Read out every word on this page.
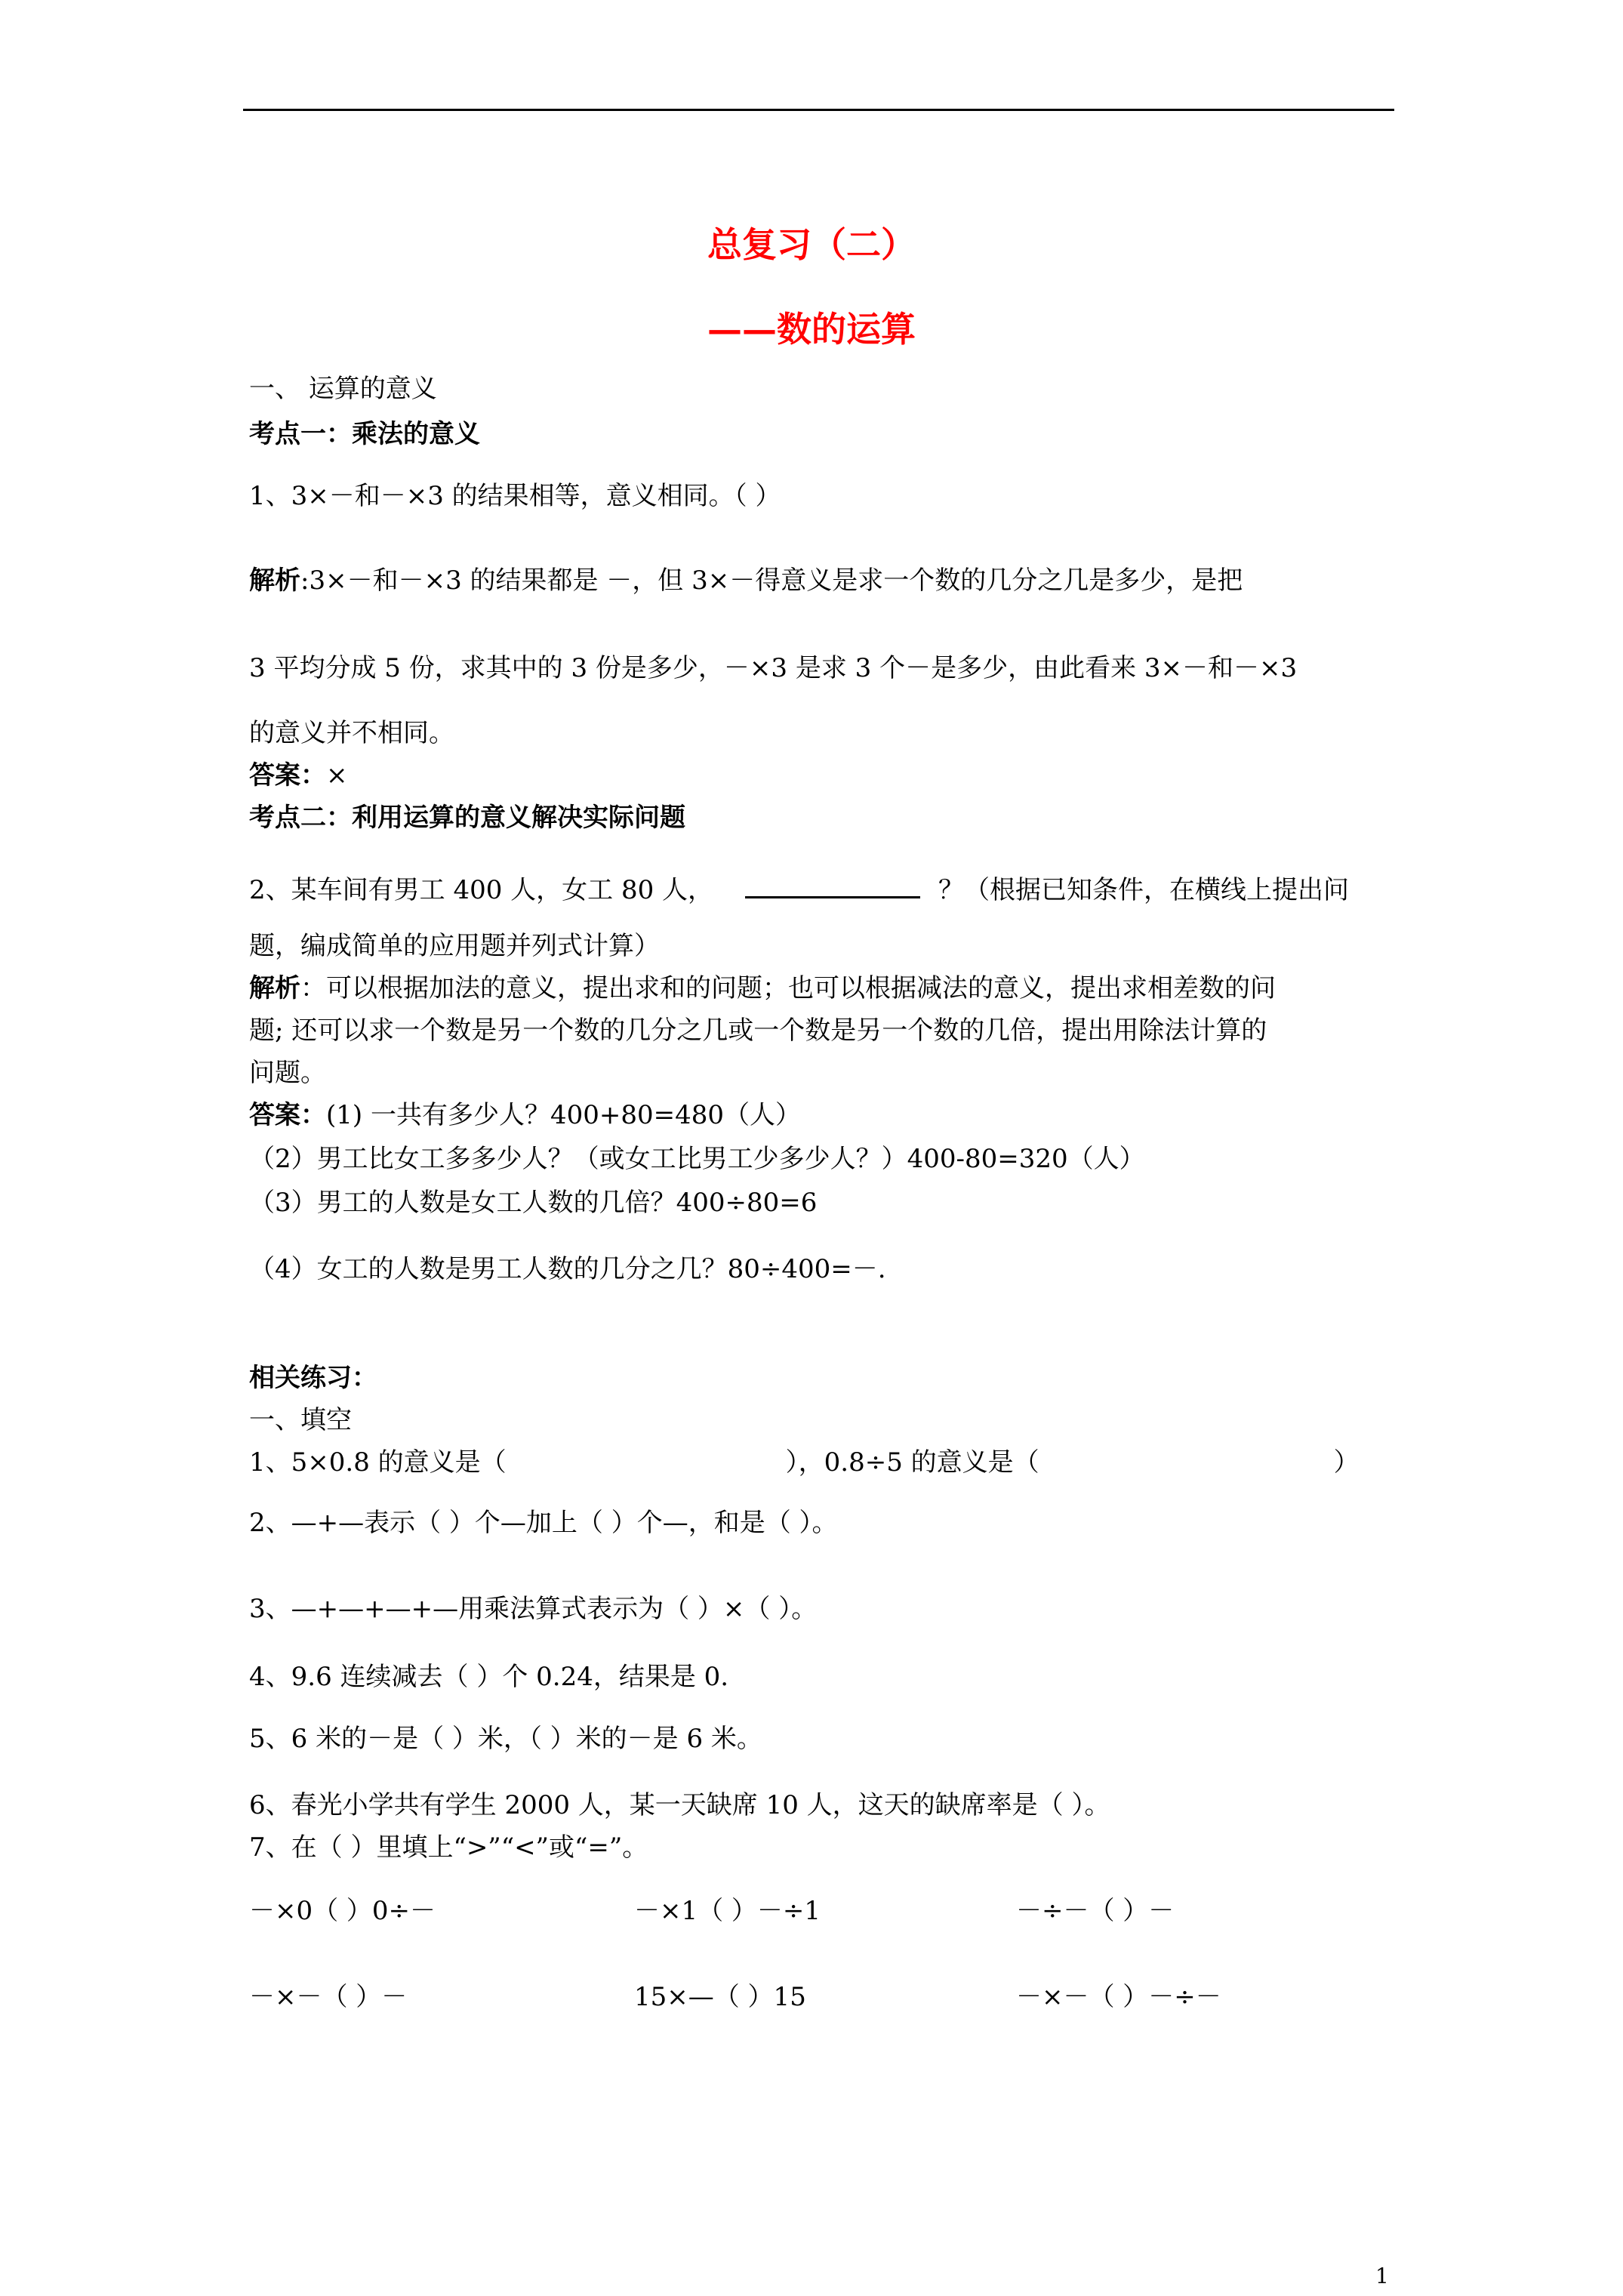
总复习（二）
——数的运算
一、 运算的意义
考点一：乘法的意义
1、3×－和－×3 的结果相等，意义相同。（ ）
解析:3×－和－×3 的结果都是 －，但 3×－得意义是求一个数的几分之几是多少，是把
3 平均分成 5 份，求其中的 3 份是多少，－×3 是求 3 个－是多少，由此看来 3×－和－×3
的意义并不相同。
答案：×
考点二：利用运算的意义解决实际问题
2、某车间有男工 400 人，女工 80 人，	？（根据已知条件，在横线上提出问
题，编成简单的应用题并列式计算）
解析：可以根据加法的意义，提出求和的问题；也可以根据减法的意义，提出求相差数的问
题; 还可以求一个数是另一个数的几分之几或一个数是另一个数的几倍，提出用除法计算的
问题。
答案：(1) 一共有多少人？400+80=480（人）
（2）男工比女工多多少人？（或女工比男工少多少人？）400-80=320（人）
（3）男工的人数是女工人数的几倍？400÷80=6
（4）女工的人数是男工人数的几分之几？80÷400=－.
相关练习：
一、填空
1、5×0.8 的意义是（	），0.8÷5 的意义是（	）
2、—+—表示（ ）个—加上（ ）个—，和是（ ）。
3、—+—+—+—用乘法算式表示为（ ）×（ ）。
4、9.6 连续减去（ ）个 0.24，结果是 0.
5、6 米的－是（ ）米，（ ）米的－是 6 米。
6、春光小学共有学生 2000 人，某一天缺席 10 人，这天的缺席率是（ ）。
7、在（ ）里填上“>”“<”或“=”。
－×0（ ）0÷－	－×1（ ）－÷1	－÷－（ ）－
－×－（ ）－	15×—（ ）15	－×－（ ）－÷－
1
